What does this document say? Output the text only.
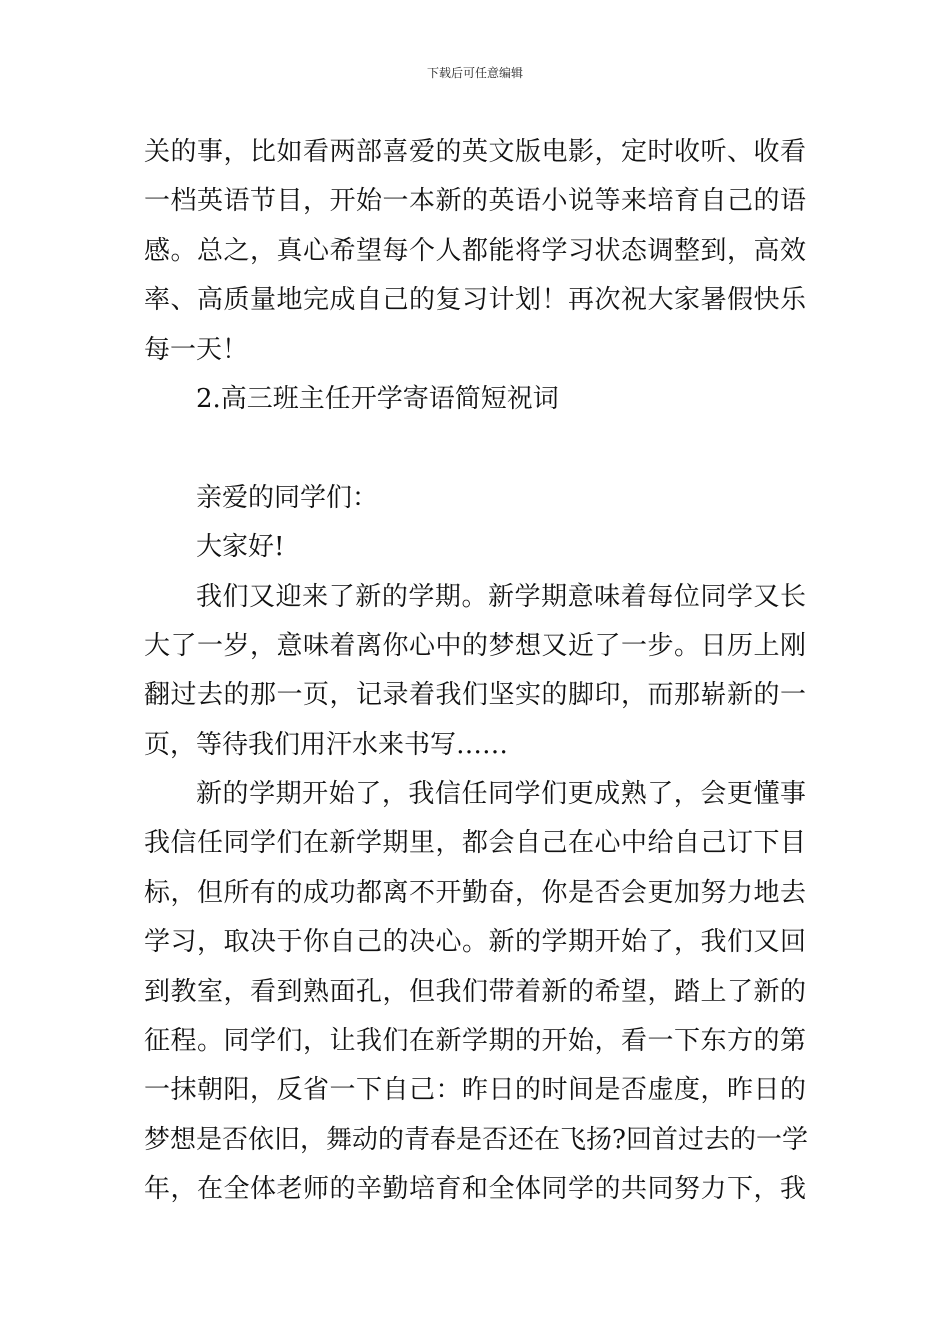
下载后可任意编辑
关的事，比如看两部喜爱的英文版电影，定时收听、收看
一档英语节目，开始一本新的英语小说等来培育自己的语
感。总之，真心希望每个人都能将学习状态调整到，高效
率、高质量地完成自己的复习计划！再次祝大家暑假快乐
每一天！
2.高三班主任开学寄语简短祝词
亲爱的同学们：
大家好!
我们又迎来了新的学期。新学期意味着每位同学又长
大了一岁，意味着离你心中的梦想又近了一步。日历上刚
翻过去的那一页，记录着我们坚实的脚印，而那崭新的一
页，等待我们用汗水来书写……
新的学期开始了，我信任同学们更成熟了，会更懂事
我信任同学们在新学期里，都会自己在心中给自己订下目
标，但所有的成功都离不开勤奋，你是否会更加努力地去
学习，取决于你自己的决心。新的学期开始了，我们又回
到教室，看到熟面孔，但我们带着新的希望，踏上了新的
征程。同学们，让我们在新学期的开始，看一下东方的第
一抹朝阳，反省一下自己：昨日的时间是否虚度，昨日的
梦想是否依旧，舞动的青春是否还在飞扬?回首过去的一学
年，在全体老师的辛勤培育和全体同学的共同努力下，我
